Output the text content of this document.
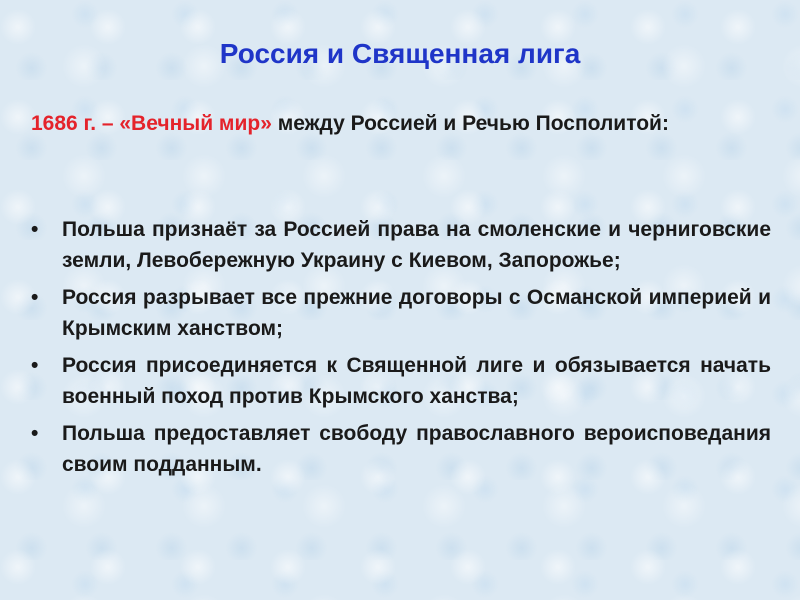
Россия и Священная лига

1686 г. – «Вечный мир» между Россией и Речью Посполитой:

•	Польша признаёт за Россией права на смоленские и черниговские земли, Левобережную Украину с Киевом, Запорожье;
•	Россия разрывает все прежние договоры с Османской империей и Крымским ханством;
•	Россия присоединяется к Священной лиге и обязывается начать военный поход против Крымского ханства;
•	Польша предоставляет свободу православного вероисповедания своим подданным.
